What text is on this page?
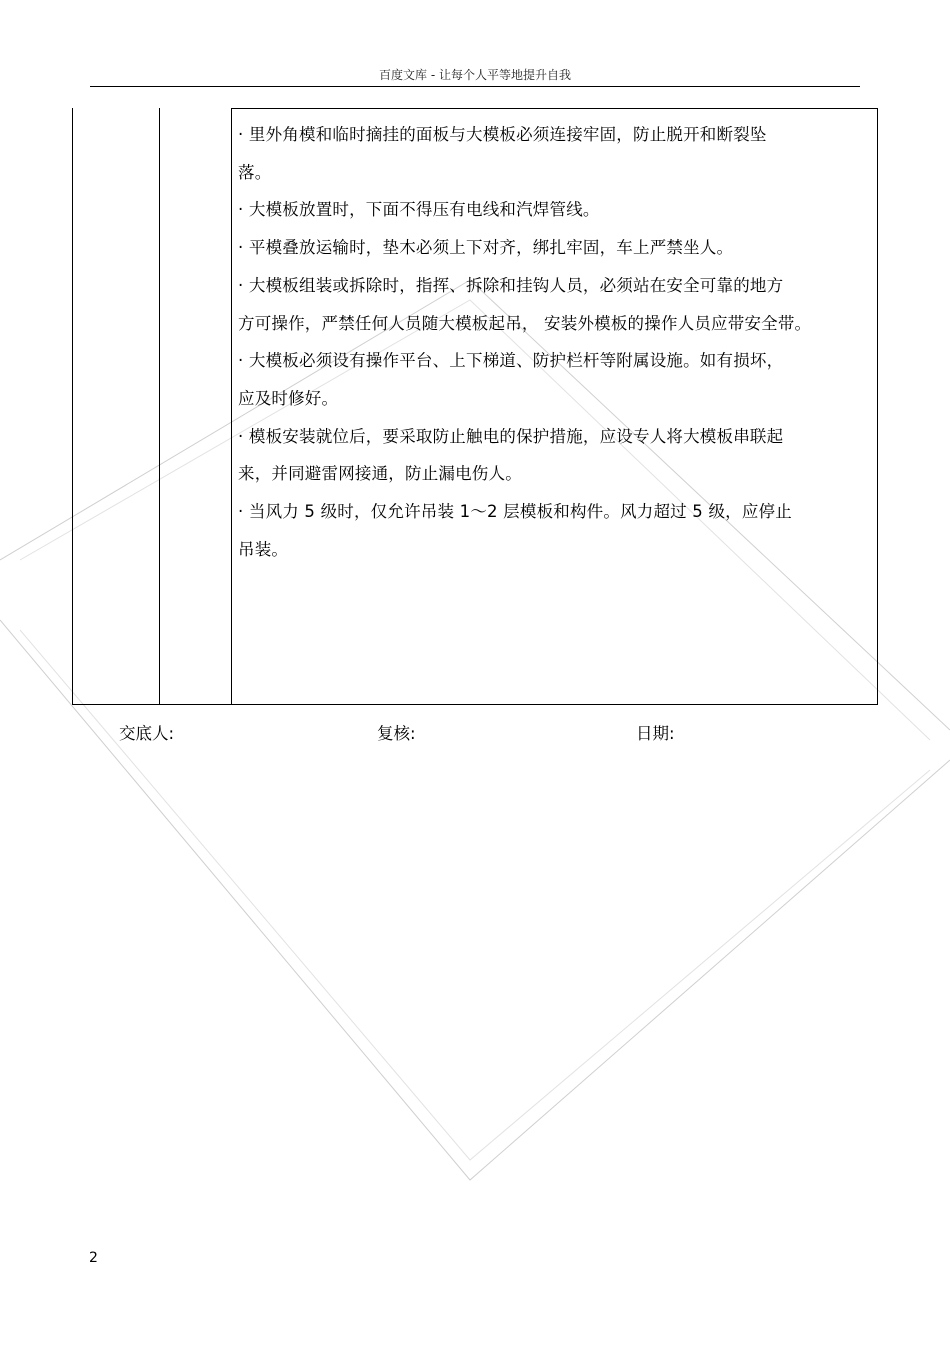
百度文库 - 让每个人平等地提升自我
· 里外角模和临时摘挂的面板与大模板必须连接牢固，防止脱开和断裂坠
落。
· 大模板放置时，下面不得压有电线和汽焊管线。
· 平模叠放运输时，垫木必须上下对齐，绑扎牢固，车上严禁坐人。
· 大模板组装或拆除时，指挥、拆除和挂钩人员，必须站在安全可靠的地方
方可操作，严禁任何人员随大模板起吊， 安装外模板的操作人员应带安全带。
· 大模板必须设有操作平台、上下梯道、防护栏杆等附属设施。如有损坏，
应及时修好。
· 模板安装就位后，要采取防止触电的保护措施，应设专人将大模板串联起
来，并同避雷网接通，防止漏电伤人。
· 当风力 5 级时，仅允许吊装 1～2 层模板和构件。风力超过 5 级，应停止
吊装。
交底人:	复核:	日期:
2
